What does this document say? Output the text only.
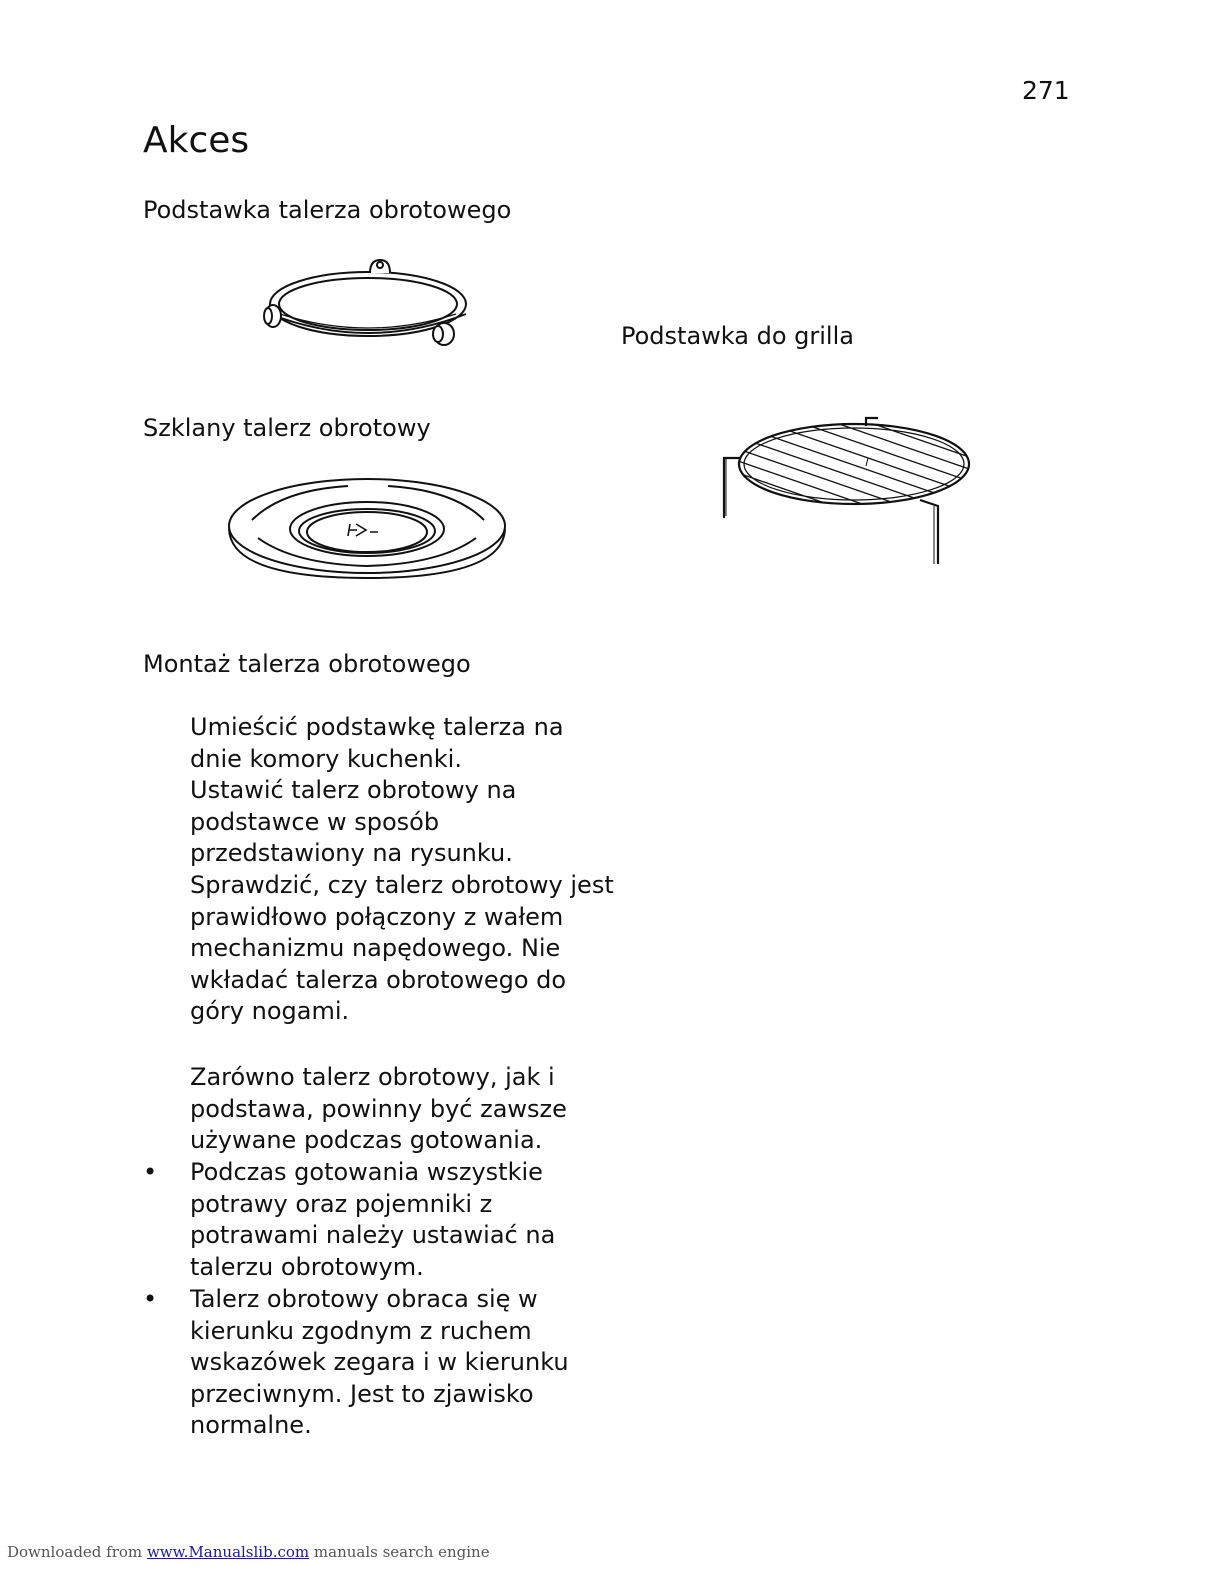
271
Akces
Podstawka talerza obrotowego
Podstawka do grilla
Szklany talerz obrotowy
Montaż talerza obrotowego
Umieścić podstawkę talerza na
dnie komory kuchenki.
Ustawić talerz obrotowy na
podstawce w sposób
przedstawiony na rysunku.
Sprawdzić, czy talerz obrotowy jest
prawidłowo połączony z wałem
mechanizmu napędowego. Nie
wkładać talerza obrotowego do
góry nogami.
Zarówno talerz obrotowy, jak i
podstawa, powinny być zawsze
używane podczas gotowania.
• Podczas gotowania wszystkie
potrawy oraz pojemniki z
potrawami należy ustawiać na
talerzu obrotowym.
• Talerz obrotowy obraca się w
kierunku zgodnym z ruchem
wskazówek zegara i w kierunku
przeciwnym. Jest to zjawisko
normalne.
Downloaded from www.Manualslib.com manuals search engine
